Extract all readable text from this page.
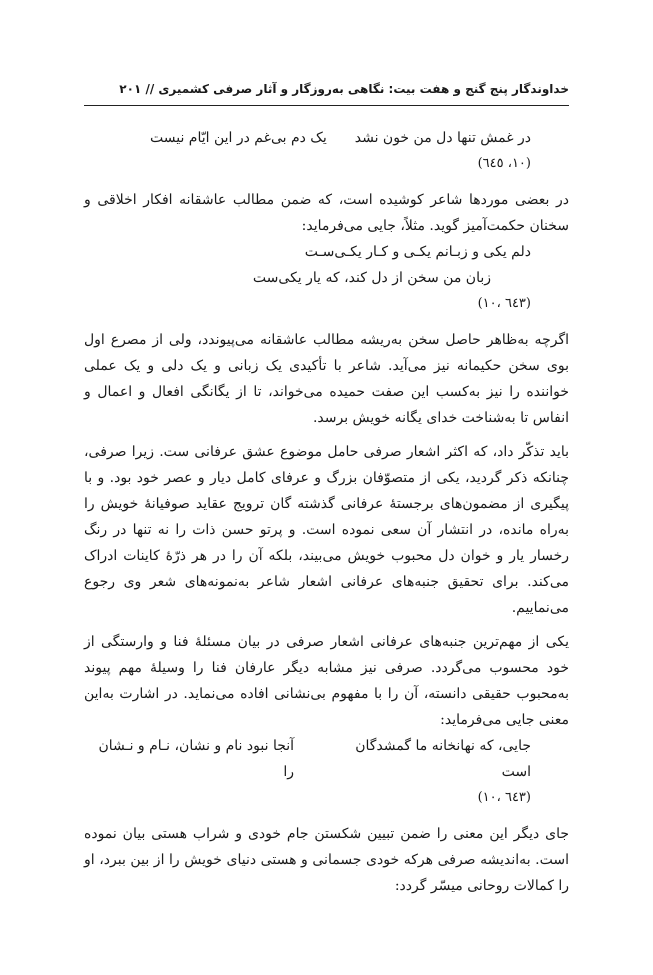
خداوندگار پنج گنج و هفت بیت: نگاهی به‌روزگار و آثار صرفی کشمیری // ۲۰۱

در غمش تنها دل من خون نشد
یک دم بی‌غم در این ایّام نیست

(۱۰، ٦٤٥)

در بعضی موردها شاعر کوشیده است، که ضمن مطالب عاشقانه افکار اخلاقی و سخنان حکمت‌آمیز گوید. مثلاً، جایی می‌فرماید:

دلم یکی و زبـانم یکـی و کـار یکـی‌سـت

زبان من سخن از دل کند، که یار یکی‌ست

(٦٤٣ ،۱۰)

اگرچه به‌ظاهر حاصل سخن به‌ریشه مطالب عاشقانه می‌پیوندد، ولی از مصرع اول بوی سخن حکیمانه نیز می‌آید. شاعر با تأکیدی یک زبانی و یک دلی و یک عملی خواننده را نیز به‌کسب این صفت حمیده می‌خواند، تا از یگانگی افعال و اعمال و انفاس تا به‌شناخت خدای یگانه خویش برسد.

باید تذکّر داد، که اکثر اشعار صرفی حامل موضوع عشق عرفانی ست. زیرا صرفی، چنانکه ذکر گردید، یکی از متصوّفان بزرگ و عرفای کامل دیار و عصر خود بود. و با پیگیری از مضمون‌های برجستهٔ عرفانی گذشته گان ترویج عقاید صوفیانهٔ خویش را به‌راه مانده، در انتشار آن سعی نموده است. و پرتو حسن ذات را نه تنها در رنگ رخسار یار و خوان دل محبوب خویش می‌بیند، بلکه آن را در هر ذرّهٔ کاینات ادراک می‌کند. برای تحقیق جنبه‌های عرفانی اشعار شاعر به‌نمونه‌های شعر وی رجوع می‌نماییم.

یکی از مهم‌ترین جنبه‌های عرفانی اشعار صرفی در بیان مسئلهٔ فنا و وارستگی از خود محسوب می‌گردد. صرفی نیز مشابه دیگر عارفان فنا را وسیلهٔ مهم پیوند به‌محبوب حقیقی دانسته، آن را با مفهوم بی‌نشانی افاده می‌نماید. در اشارت به‌این معنی جایی می‌فرماید:

جایی، که نهانخانه ما گمشدگان است
آنجا نبود نام و نشان، نـام و نـشان را

(٦٤٣ ،۱۰)

جای دیگر این معنی را ضمن تبیین شکستن جام خودی و شراب هستی بیان نموده است. به‌اندیشه صرفی هرکه خودی جسمانی و هستی دنیای خویش را از بین ببرد، او را کمالات روحانی میسّر گردد:
